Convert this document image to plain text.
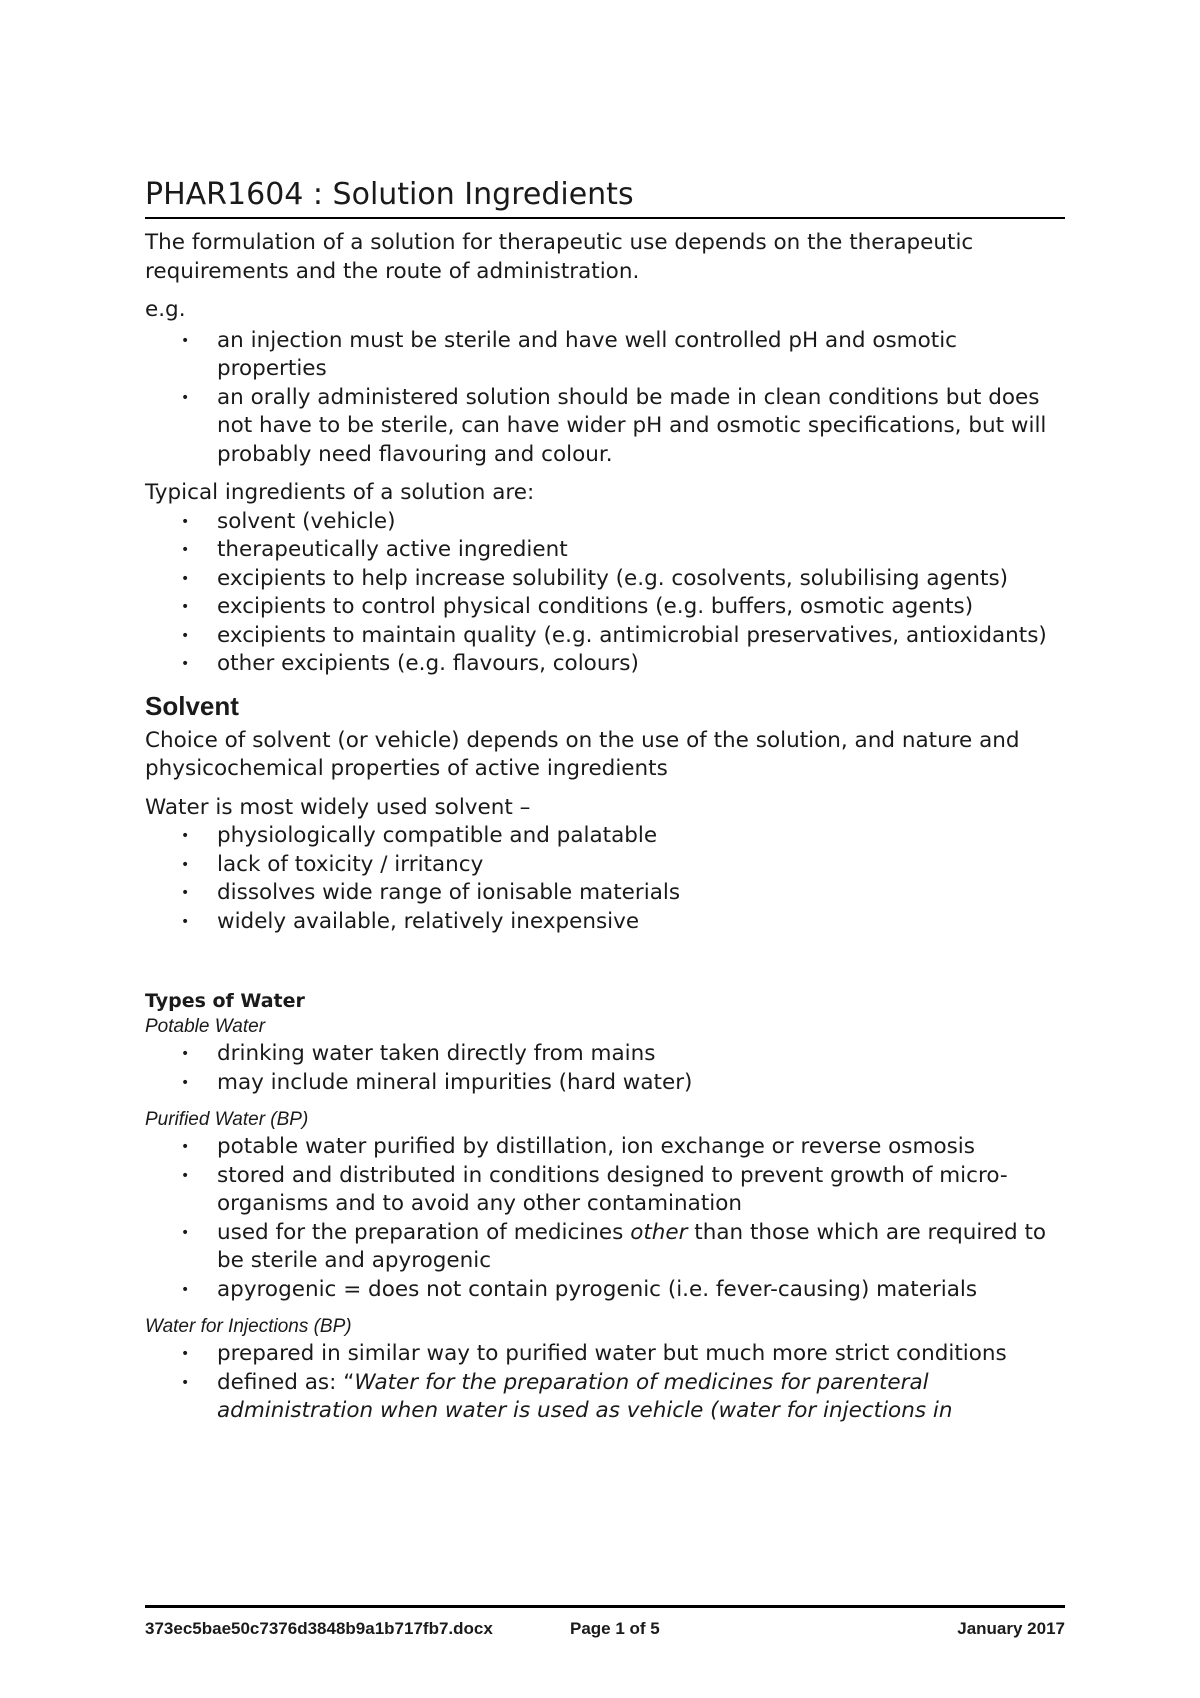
PHAR1604 : Solution Ingredients

The formulation of a solution for therapeutic use depends on the therapeutic requirements and the route of administration.

e.g.

• an injection must be sterile and have well controlled pH and osmotic properties
• an orally administered solution should be made in clean conditions but does not have to be sterile, can have wider pH and osmotic specifications, but will probably need flavouring and colour.

Typical ingredients of a solution are:

• solvent (vehicle)
• therapeutically active ingredient
• excipients to help increase solubility (e.g. cosolvents, solubilising agents)
• excipients to control physical conditions (e.g. buffers, osmotic agents)
• excipients to maintain quality (e.g. antimicrobial preservatives, antioxidants)
• other excipients (e.g. flavours, colours)
Solvent

Choice of solvent (or vehicle) depends on the use of the solution, and nature and physicochemical properties of active ingredients

Water is most widely used solvent –

• physiologically compatible and palatable
• lack of toxicity / irritancy
• dissolves wide range of ionisable materials
• widely available, relatively inexpensive
Types of Water
Potable Water
• drinking water taken directly from mains
• may include mineral impurities (hard water)
Purified Water (BP)
• potable water purified by distillation, ion exchange or reverse osmosis
• stored and distributed in conditions designed to prevent growth of micro-organisms and to avoid any other contamination
• used for the preparation of medicines other than those which are required to be sterile and apyrogenic
• apyrogenic = does not contain pyrogenic (i.e. fever-causing) materials
Water for Injections (BP)
• prepared in similar way to purified water but much more strict conditions
• defined as: “Water for the preparation of medicines for parenteral administration when water is used as vehicle (water for injections in
373ec5bae50c7376d3848b9a1b717fb7.docx	Page 1 of 5	January 2017
